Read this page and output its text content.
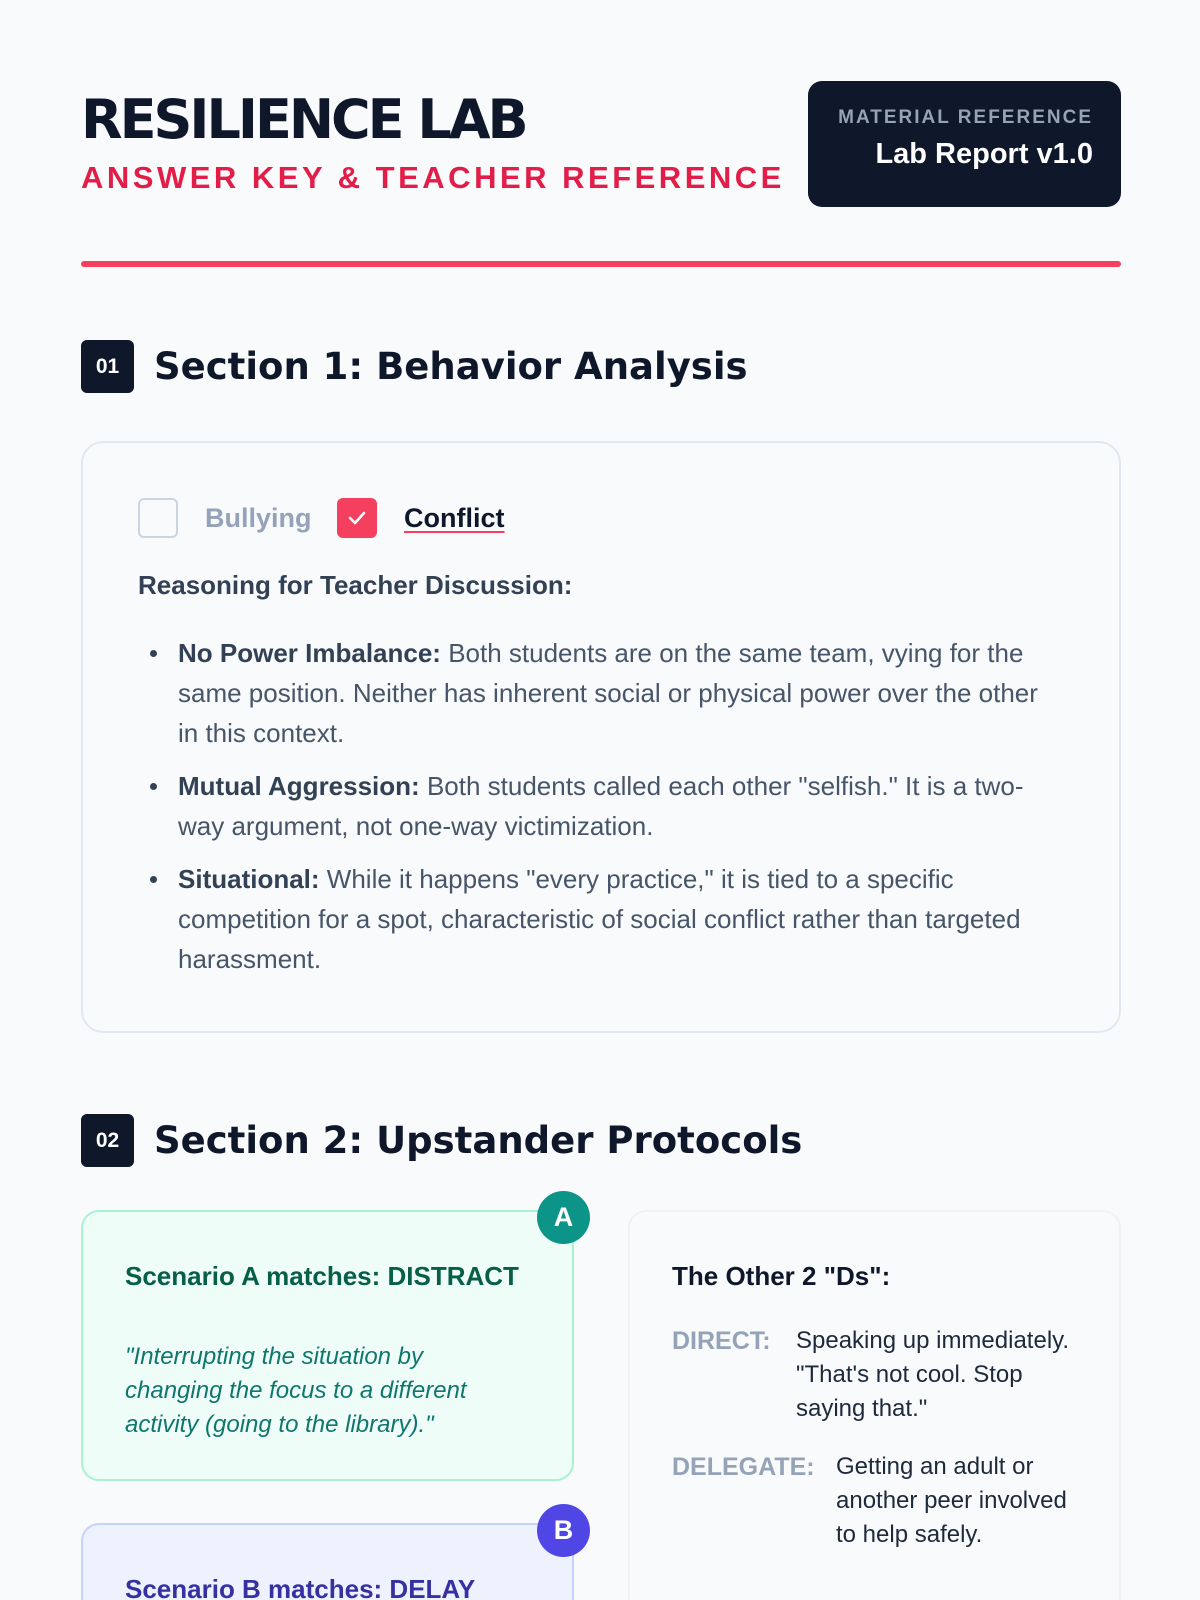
RESILIENCE LAB
ANSWER KEY & TEACHER REFERENCE
MATERIAL REFERENCE
Lab Report v1.0
01 Section 1: Behavior Analysis
Bullying	Conflict
Reasoning for Teacher Discussion:
No Power Imbalance: Both students are on the same team, vying for the same position. Neither has inherent social or physical power over the other in this context.
Mutual Aggression: Both students called each other "selfish." It is a two-way argument, not one-way victimization.
Situational: While it happens "every practice," it is tied to a specific competition for a spot, characteristic of social conflict rather than targeted harassment.
02 Section 2: Upstander Protocols
Scenario A matches: DISTRACT
"Interrupting the situation by changing the focus to a different activity (going to the library)."
A
Scenario B matches: DELAY
B
The Other 2 "Ds":
DIRECT: Speaking up immediately. "That's not cool. Stop saying that."
DELEGATE: Getting an adult or another peer involved to help safely.
